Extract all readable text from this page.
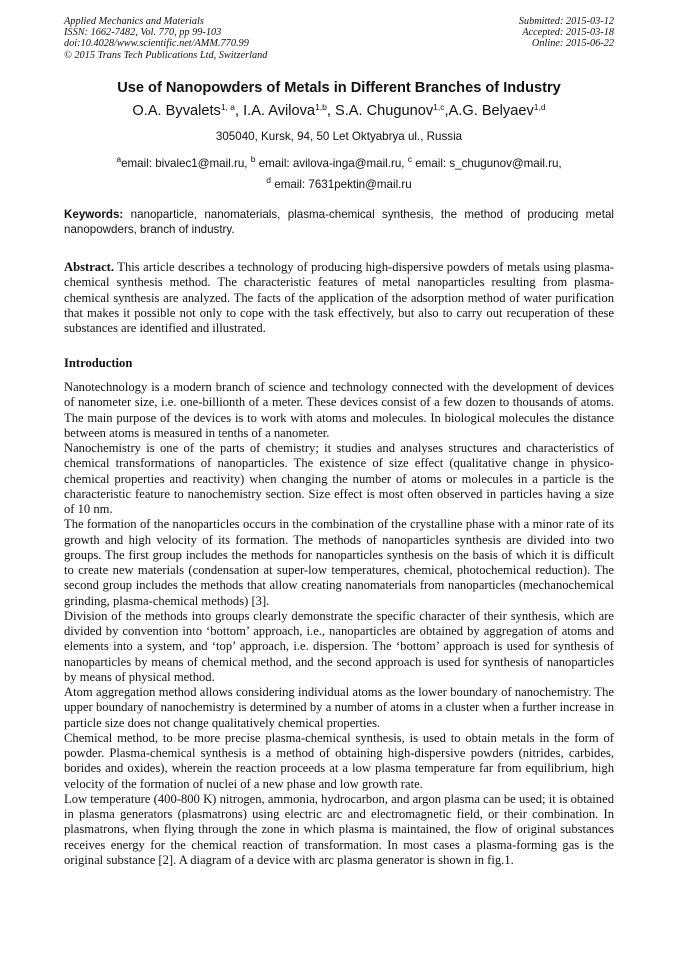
Applied Mechanics and Materials
ISSN: 1662-7482, Vol. 770, pp 99-103
doi:10.4028/www.scientific.net/AMM.770.99
© 2015 Trans Tech Publications Ltd, Switzerland
Submitted: 2015-03-12
Accepted: 2015-03-18
Online: 2015-06-22
Use of Nanopowders of Metals in Different Branches of Industry
O.A. Byvalets$^{1, a}$, I.A. Avilova$^{1,b}$, S.A. Chugunov$^{1,c}$,A.G. Belyaev$^{1,d}$
305040, Kursk, 94, 50 Let Oktyabrya ul., Russia
$^a$email: bivalec1@mail.ru, $^b$ email: avilova-inga@mail.ru, $^c$ email: s_chugunov@mail.ru,
$^d$ email: 7631pektin@mail.ru
Keywords: nanoparticle, nanomaterials, plasma-chemical synthesis, the method of producing metal nanopowders, branch of industry.
Abstract. This article describes a technology of producing high-dispersive powders of metals using plasma-chemical synthesis method. The characteristic features of metal nanoparticles resulting from plasma-chemical synthesis are analyzed. The facts of the application of the adsorption method of water purification that makes it possible not only to cope with the task effectively, but also to carry out recuperation of these substances are identified and illustrated.
Introduction

Nanotechnology is a modern branch of science and technology connected with the development of devices of nanometer size, i.e. one-billionth of a meter. These devices consist of a few dozen to thousands of atoms. The main purpose of the devices is to work with atoms and molecules. In biological molecules the distance between atoms is measured in tenths of a nanometer.

Nanochemistry is one of the parts of chemistry; it studies and analyses structures and characteristics of chemical transformations of nanoparticles. The existence of size effect (qualitative change in physico-chemical properties and reactivity) when changing the number of atoms or molecules in a particle is the characteristic feature to nanochemistry section. Size effect is most often observed in particles having a size of 10 nm.

The formation of the nanoparticles occurs in the combination of the crystalline phase with a minor rate of its growth and high velocity of its formation. The methods of nanoparticles synthesis are divided into two groups. The first group includes the methods for nanoparticles synthesis on the basis of which it is difficult to create new materials (condensation at super-low temperatures, chemical, photochemical reduction). The second group includes the methods that allow creating nanomaterials from nanoparticles (mechanochemical grinding, plasma-chemical methods) [3].

Division of the methods into groups clearly demonstrate the specific character of their synthesis, which are divided by convention into ‘bottom’ approach, i.e., nanoparticles are obtained by aggregation of atoms and elements into a system, and ‘top’ approach, i.e. dispersion. The ‘bottom’ approach is used for synthesis of nanoparticles by means of chemical method, and the second approach is used for synthesis of nanoparticles by means of physical method.

Atom aggregation method allows considering individual atoms as the lower boundary of nanochemistry. The upper boundary of nanochemistry is determined by a number of atoms in a cluster when a further increase in particle size does not change qualitatively chemical properties.

Chemical method, to be more precise plasma-chemical synthesis, is used to obtain metals in the form of powder. Plasma-chemical synthesis is a method of obtaining high-dispersive powders (nitrides, carbides, borides and oxides), wherein the reaction proceeds at a low plasma temperature far from equilibrium, high velocity of the formation of nuclei of a new phase and low growth rate.

Low temperature (400-800 K) nitrogen, ammonia, hydrocarbon, and argon plasma can be used; it is obtained in plasma generators (plasmatrons) using electric arc and electromagnetic field, or their combination. In plasmatrons, when flying through the zone in which plasma is maintained, the flow of original substances receives energy for the chemical reaction of transformation. In most cases a plasma-forming gas is the original substance [2]. A diagram of a device with arc plasma generator is shown in fig.1.
